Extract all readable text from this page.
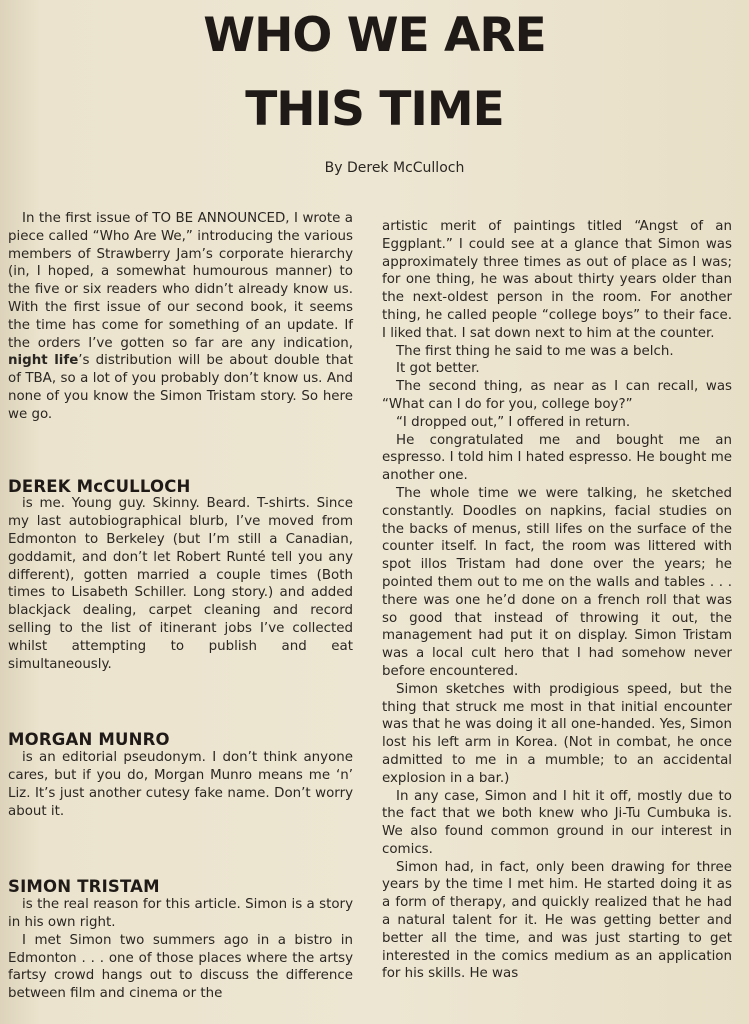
WHO WE ARE
THIS TIME
By Derek McCulloch

In the first issue of TO BE ANNOUNCED, I wrote a piece called “Who Are We,” introducing the various members of Strawberry Jam’s corporate hierarchy (in, I hoped, a somewhat humourous manner) to the five or six readers who didn’t already know us. With the first issue of our second book, it seems the time has come for something of an update. If the orders I’ve gotten so far are any indication, night life’s distribution will be about double that of TBA, so a lot of you probably don’t know us. And none of you know the Simon Tristam story. So here we go.

DEREK McCULLOCH

is me. Young guy. Skinny. Beard. T-shirts. Since my last autobiographical blurb, I’ve moved from Edmonton to Berkeley (but I’m still a Canadian, goddamit, and don’t let Robert Runté tell you any different), gotten married a couple times (Both times to Lisabeth Schiller. Long story.) and added blackjack dealing, carpet cleaning and record selling to the list of itinerant jobs I’ve collected whilst attempting to publish and eat simultaneously.

MORGAN MUNRO

is an editorial pseudonym. I don’t think anyone cares, but if you do, Morgan Munro means me ‘n’ Liz. It’s just another cutesy fake name. Don’t worry about it.

SIMON TRISTAM

is the real reason for this article. Simon is a story in his own right.

I met Simon two summers ago in a bistro in Edmonton . . . one of those places where the artsy fartsy crowd hangs out to discuss the difference between film and cinema or the

artistic merit of paintings titled “Angst of an Eggplant.” I could see at a glance that Simon was approximately three times as out of place as I was; for one thing, he was about thirty years older than the next-oldest person in the room. For another thing, he called people “college boys” to their face. I liked that. I sat down next to him at the counter.

The first thing he said to me was a belch.

It got better.

The second thing, as near as I can recall, was “What can I do for you, college boy?”

“I dropped out,” I offered in return.

He congratulated me and bought me an espresso. I told him I hated espresso. He bought me another one.

The whole time we were talking, he sketched constantly. Doodles on napkins, facial studies on the backs of menus, still lifes on the surface of the counter itself. In fact, the room was littered with spot illos Tristam had done over the years; he pointed them out to me on the walls and tables . . . there was one he’d done on a french roll that was so good that instead of throwing it out, the management had put it on display. Simon Tristam was a local cult hero that I had somehow never before encountered.

Simon sketches with prodigious speed, but the thing that struck me most in that initial encounter was that he was doing it all one-handed. Yes, Simon lost his left arm in Korea. (Not in combat, he once admitted to me in a mumble; to an accidental explosion in a bar.)

In any case, Simon and I hit it off, mostly due to the fact that we both knew who Ji-Tu Cumbuka is. We also found common ground in our interest in comics.

Simon had, in fact, only been drawing for three years by the time I met him. He started doing it as a form of therapy, and quickly realized that he had a natural talent for it. He was getting better and better all the time, and was just starting to get interested in the comics medium as an application for his skills. He was
